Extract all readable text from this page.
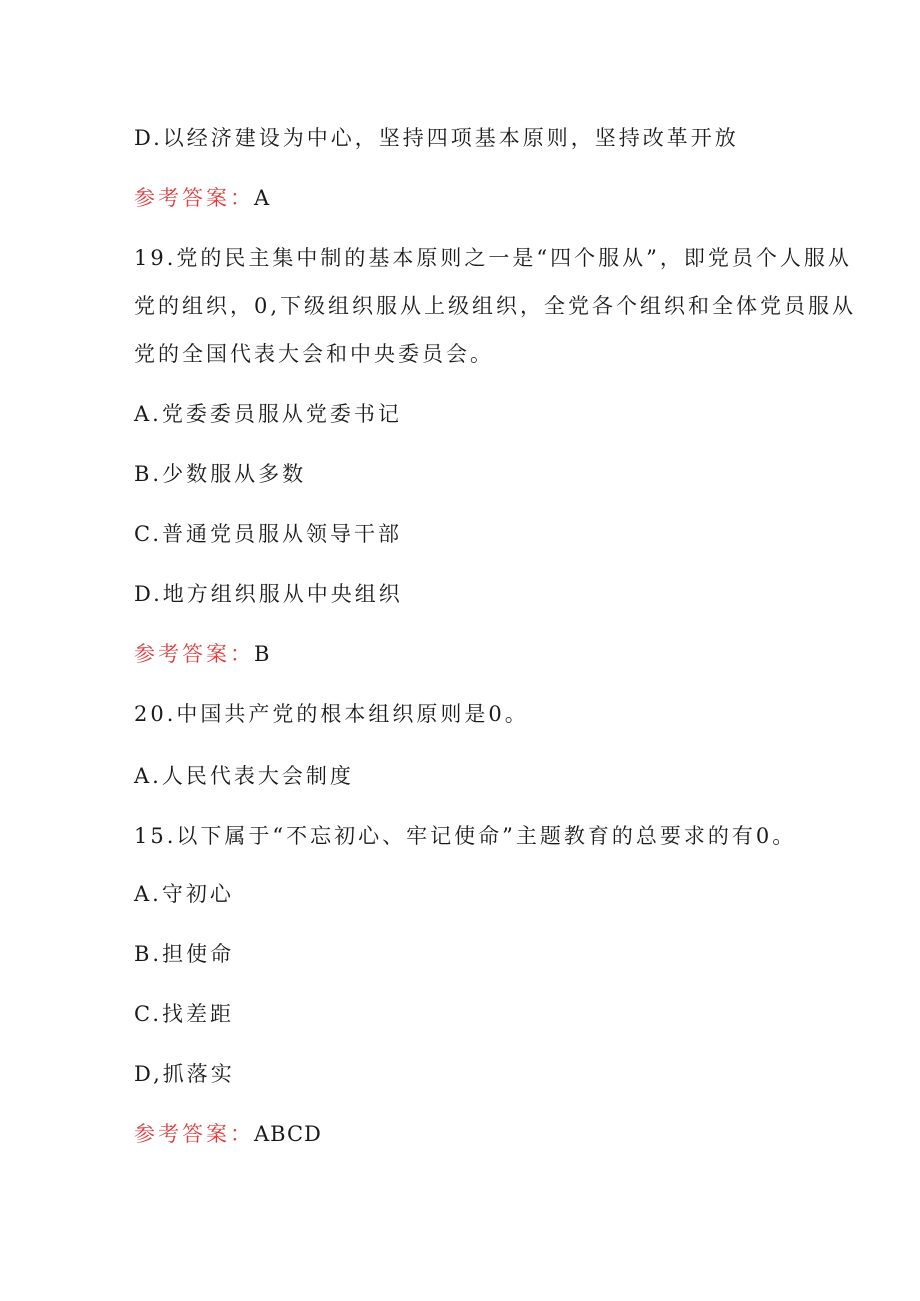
D.以经济建设为中心，坚持四项基本原则，坚持改革开放
参考答案：A
19.党的民主集中制的基本原则之一是“四个服从”，即党员个人服从
党的组织，0,下级组织服从上级组织，全党各个组织和全体党员服从
党的全国代表大会和中央委员会。
A.党委委员服从党委书记
B.少数服从多数
C.普通党员服从领导干部
D.地方组织服从中央组织
参考答案：B
20.中国共产党的根本组织原则是0。
A.人民代表大会制度
15.以下属于“不忘初心、牢记使命”主题教育的总要求的有0。
A.守初心
B.担使命
C.找差距
D,抓落实
参考答案：ABCD
